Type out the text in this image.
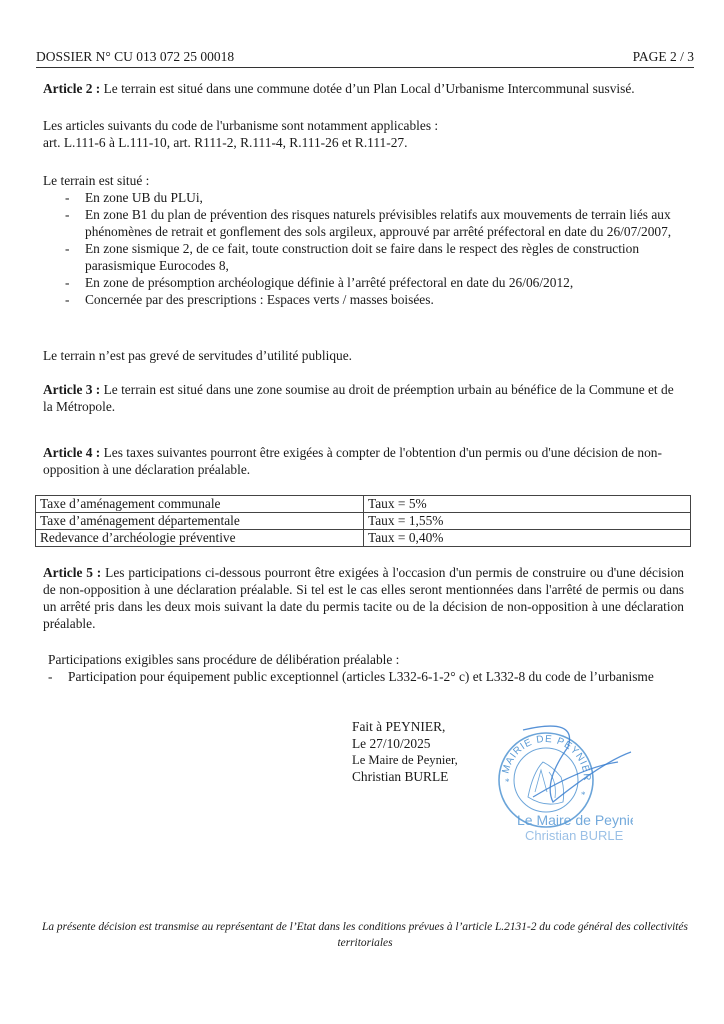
DOSSIER N° CU 013 072 25 00018	PAGE 2 / 3
Article 2 : Le terrain est situé dans une commune dotée d’un Plan Local d’Urbanisme Intercommunal susvisé.
Les articles suivants du code de l'urbanisme sont notamment applicables :
art. L.111-6 à L.111-10, art. R111-2, R.111-4, R.111-26 et R.111-27.
Le terrain est situé :
- En zone UB du PLUi,
- En zone B1 du plan de prévention des risques naturels prévisibles relatifs aux mouvements de terrain liés aux phénomènes de retrait et gonflement des sols argileux, approuvé par arrêté préfectoral en date du 26/07/2007,
- En zone sismique 2, de ce fait, toute construction doit se faire dans le respect des règles de construction parasismique Eurocodes 8,
- En zone de présomption archéologique définie à l’arrêté préfectoral en date du 26/06/2012,
- Concernée par des prescriptions : Espaces verts / masses boisées.
Le terrain n’est pas grevé de servitudes d’utilité publique.
Article 3 : Le terrain est situé dans une zone soumise au droit de préemption urbain au bénéfice de la Commune et de la Métropole.
Article 4 : Les taxes suivantes pourront être exigées à compter de l'obtention d'un permis ou d'une décision de non-opposition à une déclaration préalable.
Taxe d’aménagement communale	Taux = 5%
Taxe d’aménagement départementale	Taux = 1,55%
Redevance d’archéologie préventive	Taux = 0,40%
Article 5 : Les participations ci-dessous pourront être exigées à l'occasion d'un permis de construire ou d'une décision de non-opposition à une déclaration préalable. Si tel est le cas elles seront mentionnées dans l'arrêté de permis ou dans un arrêté pris dans les deux mois suivant la date du permis tacite ou de la décision de non-opposition à une déclaration préalable.
Participations exigibles sans procédure de délibération préalable :
- Participation pour équipement public exceptionnel (articles L332-6-1-2° c) et L332-8 du code de l’urbanisme
Fait à PEYNIER,
Le 27/10/2025
Le Maire de Peynier,
Christian BURLE	MAIRIE DE PEYNIER
*
*
Le Maire de Peynier
Christian BURLE
La présente décision est transmise au représentant de l’Etat dans les conditions prévues à l’article L.2131-2 du code général des collectivités territoriales
